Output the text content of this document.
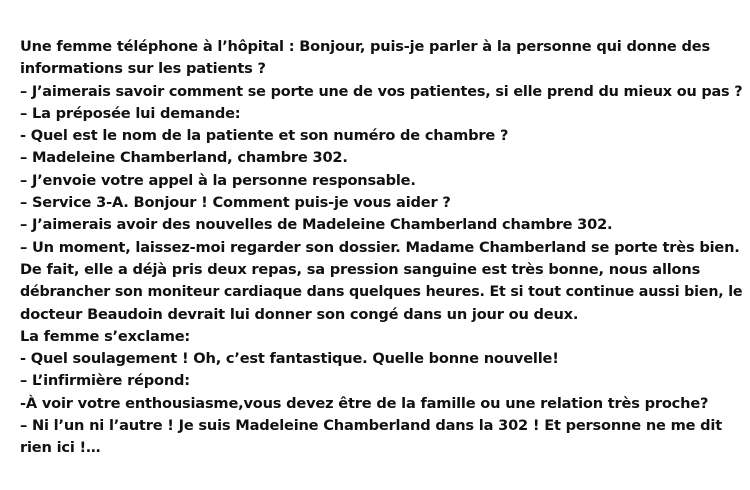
Une femme téléphone à l’hôpital : Bonjour, puis-je parler à la personne qui donne des
informations sur les patients ?
– J’aimerais savoir comment se porte une de vos patientes, si elle prend du mieux ou pas ?
– La préposée lui demande:
- Quel est le nom de la patiente et son numéro de chambre ?
– Madeleine Chamberland, chambre 302.
– J’envoie votre appel à la personne responsable.
– Service 3-A. Bonjour ! Comment puis-je vous aider ?
– J’aimerais avoir des nouvelles de Madeleine Chamberland chambre 302.
– Un moment, laissez-moi regarder son dossier. Madame Chamberland se porte très bien.
De fait, elle a déjà pris deux repas, sa pression sanguine est très bonne, nous allons
débrancher son moniteur cardiaque dans quelques heures. Et si tout continue aussi bien, le
docteur Beaudoin devrait lui donner son congé dans un jour ou deux.
La femme s’exclame:
- Quel soulagement ! Oh, c’est fantastique. Quelle bonne nouvelle!
– L’infirmière répond:
-À voir votre enthousiasme,vous devez être de la famille ou une relation très proche?
– Ni l’un ni l’autre ! Je suis Madeleine Chamberland dans la 302 ! Et personne ne me dit
rien ici !…
